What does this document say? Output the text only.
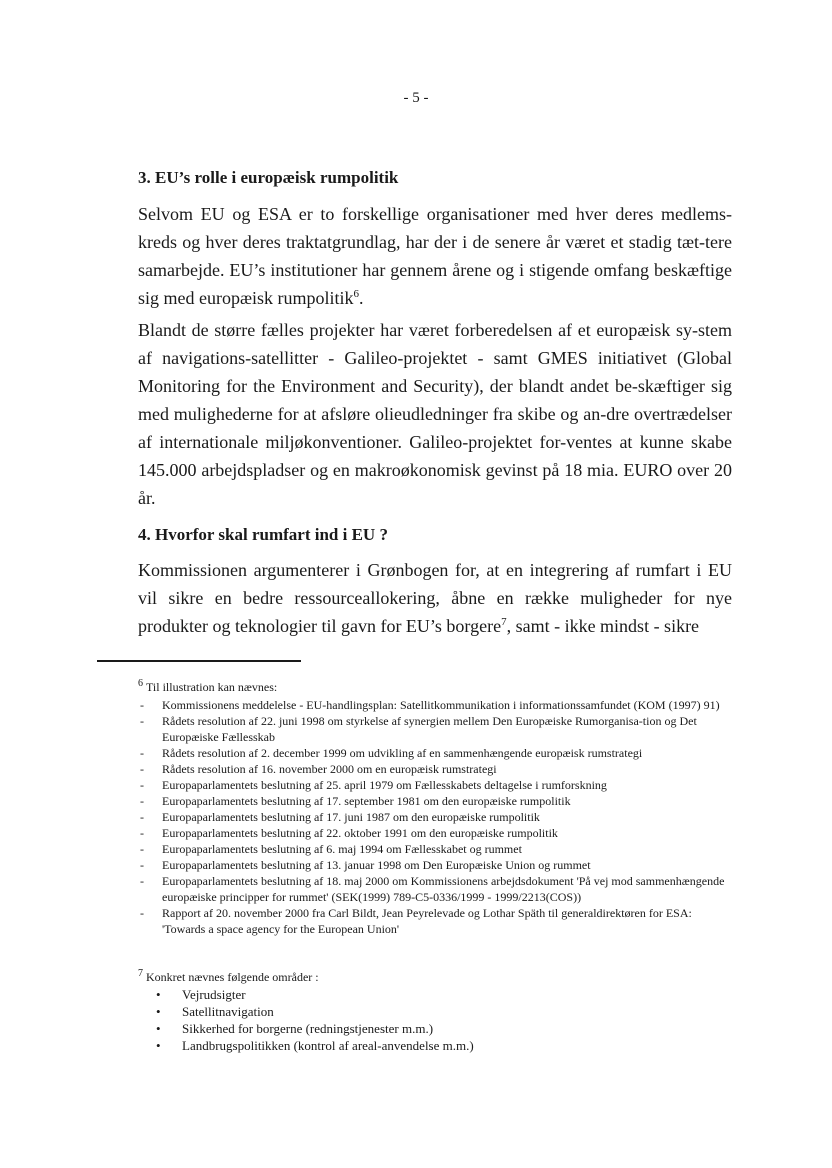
- 5 -
3. EU’s rolle i europæisk rumpolitik

Selvom EU og ESA er to forskellige organisationer med hver deres medlems-kreds og hver deres traktatgrundlag, har der i de senere år været et stadig tæt-tere samarbejde. EU’s institutioner har gennem årene og i stigende omfang beskæftige sig med europæisk rumpolitik$^6$.

Blandt de større fælles projekter har været forberedelsen af et europæisk sy-stem af navigations-satellitter - Galileo-projektet - samt GMES initiativet (Global Monitoring for the Environment and Security), der blandt andet be-skæftiger sig med mulighederne for at afsløre olieudledninger fra skibe og an-dre overtrædelser af internationale miljøkonventioner. Galileo-projektet for-ventes at kunne skabe 145.000 arbejdspladser og en makroøkonomisk gevinst på 18 mia. EURO over 20 år.

4. Hvorfor skal rumfart ind i EU ?

Kommissionen argumenterer i Grønbogen for, at en integrering af rumfart i EU vil sikre en bedre ressourceallokering, åbne en række muligheder for nye produkter og teknologier til gavn for EU’s borgere$^7$, samt - ikke mindst - sikre

$^6$ Til illustration kan nævnes:

- Kommissionens meddelelse - EU-handlingsplan: Satellitkommunikation i informationssamfundet (KOM (1997) 91)
- Rådets resolution af 22. juni 1998 om styrkelse af synergien mellem Den Europæiske Rumorganisa-tion og Det Europæiske Fællesskab
- Rådets resolution af 2. december 1999 om udvikling af en sammenhængende europæisk rumstrategi
- Rådets resolution af 16. november 2000 om en europæisk rumstrategi
- Europaparlamentets beslutning af 25. april 1979 om Fællesskabets deltagelse i rumforskning
- Europaparlamentets beslutning af 17. september 1981 om den europæiske rumpolitik
- Europaparlamentets beslutning af 17. juni 1987 om den europæiske rumpolitik
- Europaparlamentets beslutning af 22. oktober 1991 om den europæiske rumpolitik
- Europaparlamentets beslutning af 6. maj 1994 om Fællesskabet og rummet
- Europaparlamentets beslutning af 13. januar 1998 om Den Europæiske Union og rummet
- Europaparlamentets beslutning af 18. maj 2000 om Kommissionens arbejdsdokument 'På vej mod sammenhængende europæiske principper for rummet' (SEK(1999) 789-C5-0336/1999 - 1999/2213(COS))
- Rapport af 20. november 2000 fra Carl Bildt, Jean Peyrelevade og Lothar Späth til generaldirektøren for ESA: 'Towards a space agency for the European Union'

$^7$ Konkret nævnes følgende områder :

• Vejrudsigter
• Satellitnavigation
• Sikkerhed for borgerne (redningstjenester m.m.)
• Landbrugspolitikken (kontrol af areal-anvendelse m.m.)
